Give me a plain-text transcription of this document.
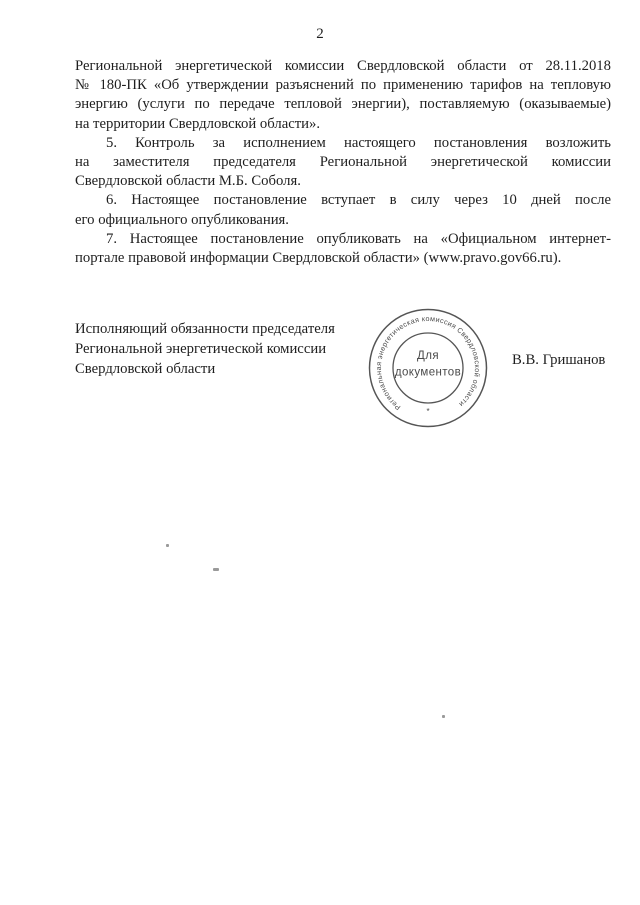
2
Региональной энергетической комиссии Свердловской области от 28.11.2018
№ 180-ПК «Об утверждении разъяснений по применению тарифов на тепловую
энергию (услуги по передаче тепловой энергии), поставляемую (оказываемые)
на территории Свердловской области».
5. Контроль за исполнением настоящего постановления возложить
на заместителя председателя Региональной энергетической комиссии
Свердловской области М.Б. Соболя.
6. Настоящее постановление вступает в силу через 10 дней после
его официального опубликования.
7. Настоящее постановление опубликовать на «Официальном интернет-
портале правовой информации Свердловской области» (www.pravo.gov66.ru).
Исполняющий обязанности председателя
Региональной энергетической комиссии
Свердловской области
Региональная энергетическая комиссия Свердловской области
*
Для
документов
В.В. Гришанов
